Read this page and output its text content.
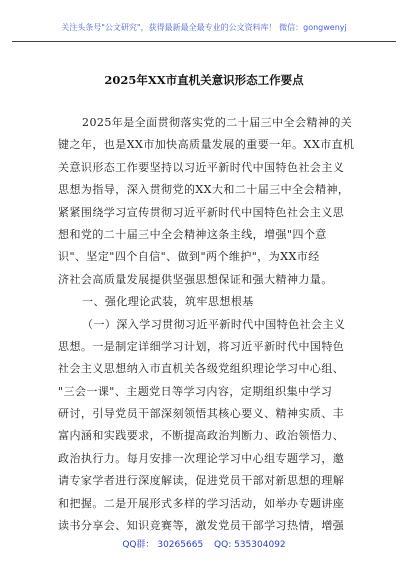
关注头条号"公文研究"，获得最新最全最专业的公文资料库！ 微信：gongwenyj
2025年XX市直机关意识形态工作要点
2025年是全面贯彻落实党的二十届三中全会精神的关
键之年，也是XX市加快高质量发展的重要一年。XX市直机
关意识形态工作要坚持以习近平新时代中国特色社会主义
思想为指导，深入贯彻党的XX大和二十届三中全会精神，
紧紧围绕学习宣传贯彻习近平新时代中国特色社会主义思
想和党的二十届三中全会精神这条主线，增强"四个意
识"、坚定"四个自信"、做到"两个维护"，为XX市经
济社会高质量发展提供坚强思想保证和强大精神力量。
一、强化理论武装，筑牢思想根基
（一）深入学习贯彻习近平新时代中国特色社会主义
思想。一是制定详细学习计划，将习近平新时代中国特色
社会主义思想纳入市直机关各级党组织理论学习中心组、
"三会一课"、主题党日等学习内容，定期组织集中学习
研讨，引导党员干部深刻领悟其核心要义、精神实质、丰
富内涵和实践要求，不断提高政治判断力、政治领悟力、
政治执行力。每月安排一次理论学习中心组专题学习，邀
请专家学者进行深度解读，促进党员干部对新思想的理解
和把握。二是开展形式多样的学习活动，如举办专题讲座
读书分享会、知识竞赛等，激发党员干部学习热情，增强
QQ群： 30265665 QQ: 535304092
